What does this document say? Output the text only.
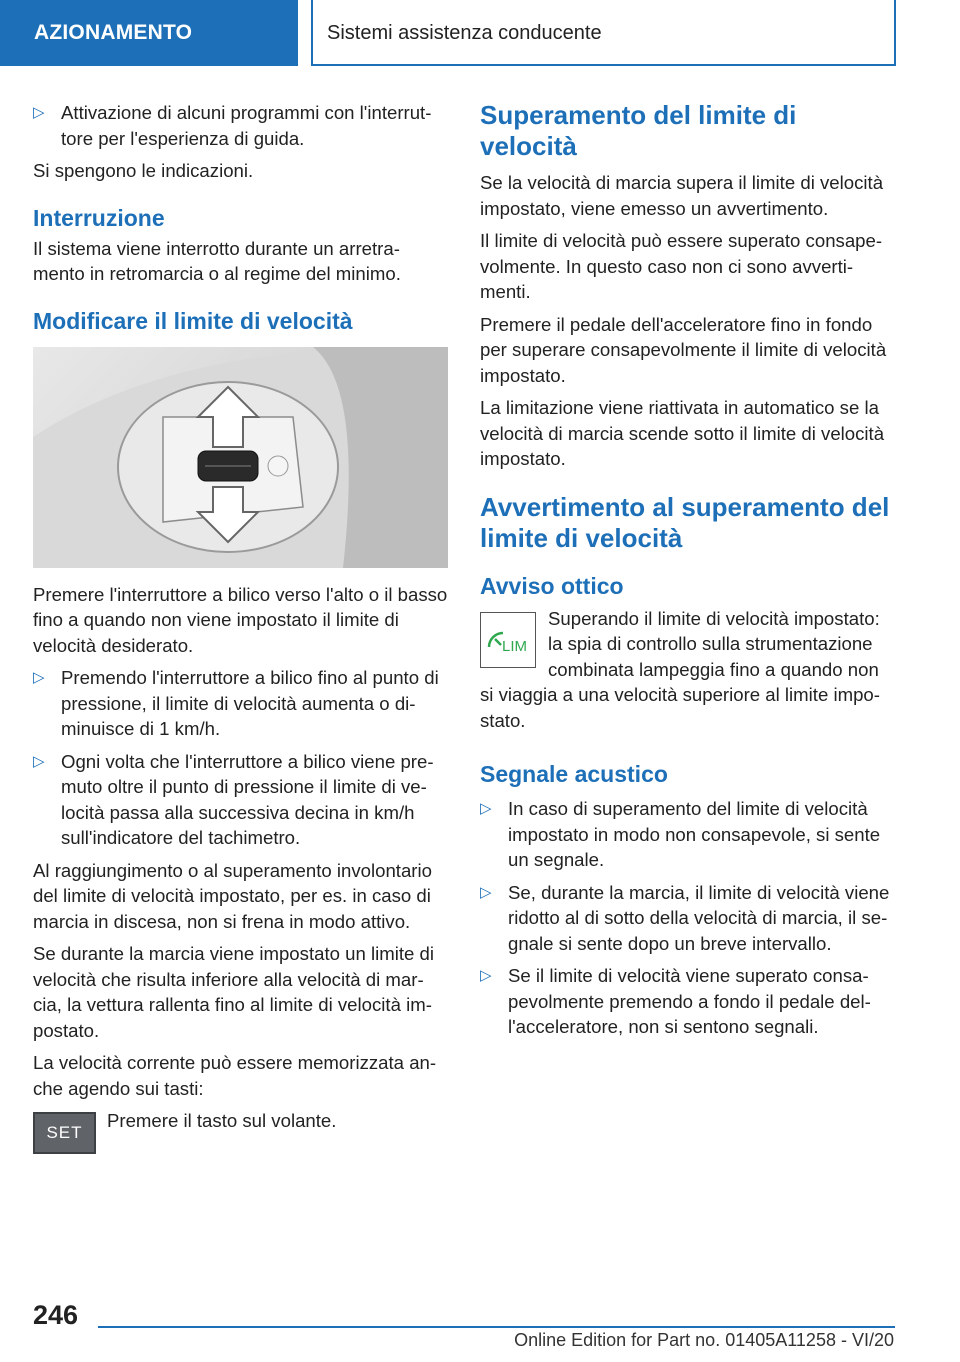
AZIONAMENTO	Sistemi assistenza conducente
▷ Attivazione di alcuni programmi con l'interrut-tore per l'esperienza di guida.

Si spengono le indicazioni.

Interruzione

Il sistema viene interrotto durante un arretra-mento in retromarcia o al regime del minimo.

Modificare il limite di velocità

Premere l'interruttore a bilico verso l'alto o il basso fino a quando non viene impostato il limite di velocità desiderato.

▷ Premendo l'interruttore a bilico fino al punto di pressione, il limite di velocità aumenta o di-minuisce di 1 km/h.
▷ Ogni volta che l'interruttore a bilico viene pre-muto oltre il punto di pressione il limite di ve-locità passa alla successiva decina in km/h sull'indicatore del tachimetro.

Al raggiungimento o al superamento involontario del limite di velocità impostato, per es. in caso di marcia in discesa, non si frena in modo attivo.

Se durante la marcia viene impostato un limite di velocità che risulta inferiore alla velocità di mar-cia, la vettura rallenta fino al limite di velocità im-postato.

La velocità corrente può essere memorizzata an-che agendo sui tasti:

SET

Premere il tasto sul volante.

Superamento del limite di velocità

Se la velocità di marcia supera il limite di velocità impostato, viene emesso un avvertimento.

Il limite di velocità può essere superato consape-volmente. In questo caso non ci sono avverti-menti.

Premere il pedale dell'acceleratore fino in fondo per superare consapevolmente il limite di velocità impostato.

La limitazione viene riattivata in automatico se la velocità di marcia scende sotto il limite di velocità impostato.

Avvertimento al superamento del limite di velocità
Avviso ottico
LIM

Superando il limite di velocità impostato: la spia di controllo sulla strumentazione combinata lampeggia fino a quando non si viaggia a una velocità superiore al limite impo-stato.

Segnale acustico
▷ In caso di superamento del limite di velocità impostato in modo non consapevole, si sente un segnale.
▷ Se, durante la marcia, il limite di velocità viene ridotto al di sotto della velocità di marcia, il se-gnale si sente dopo un breve intervallo.
▷ Se il limite di velocità viene superato consa-pevolmente premendo a fondo il pedale del-l'acceleratore, non si sentono segnali.
246
Online Edition for Part no. 01405A11258 - VI/20
